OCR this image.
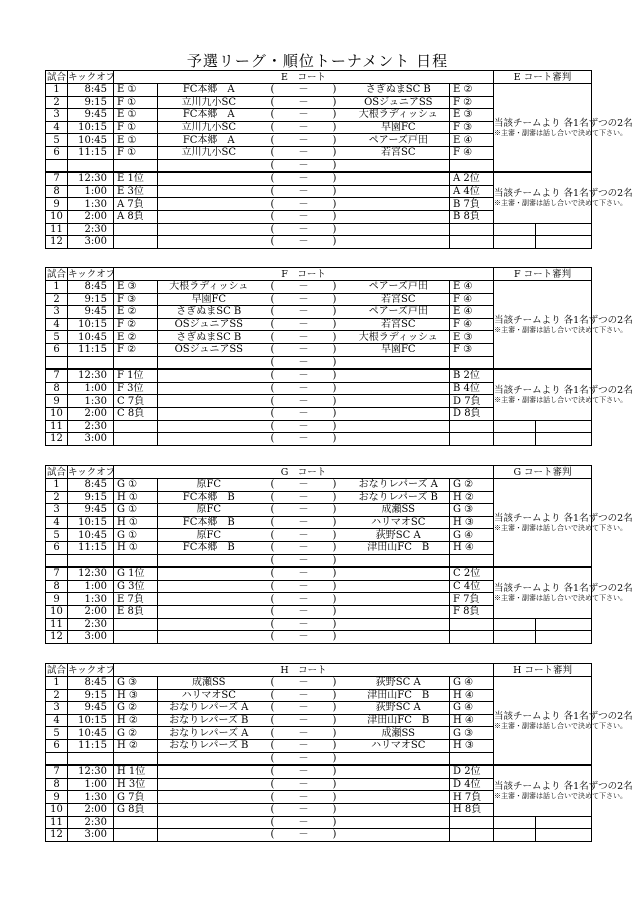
予選リーグ・順位トーナメント 日程
試合	キックオフ	E　コート							E コート審判	
1	8:45	E ①	FC本郷　A	(	－	)	さぎぬまSC B	E ②	当該チームより 各1名ずつの2名
※主審・副審は話し合いで決めて下さい。	

2	9:15	F ①	立川九小SC	(	－	)	OSジュニアSS	F ②		
3	9:45	E ①	FC本郷　A	(	－	)	大根ラディッシュ	E ③		
4	10:15	F ①	立川九小SC	(	－	)	早園FC	F ③		
5	10:45	E ①	FC本郷　A	(	－	)	ペアーズ戸田	E ④		
6	11:15	F ①	立川九小SC	(	－	)	若宮SC	F ④		
				(	－	)				
7	12:30	E 1位		(	－	)		A 2位	当該チームより 各1名ずつの2名
※主審・副審は話し合いで決めて下さい。	

8	1:00	E 3位		(	－	)		A 4位		
9	1:30	A 7負		(	－	)		B 7負		
10	2:00	A 8負		(	－	)		B 8負		
11	2:30			(	－	)				
12	3:00			(	－	)				
試合	キックオフ	F　コート							F コート審判	
1	8:45	E ③	大根ラディッシュ	(	－	)	ペアーズ戸田	E ④	当該チームより 各1名ずつの2名
※主審・副審は話し合いで決めて下さい。	

2	9:15	F ③	早園FC	(	－	)	若宮SC	F ④		
3	9:45	E ②	さぎぬまSC B	(	－	)	ペアーズ戸田	E ④		
4	10:15	F ②	OSジュニアSS	(	－	)	若宮SC	F ④		
5	10:45	E ②	さぎぬまSC B	(	－	)	大根ラディッシュ	E ③		
6	11:15	F ②	OSジュニアSS	(	－	)	早園FC	F ③		
				(	－	)				
7	12:30	F 1位		(	－	)		B 2位	当該チームより 各1名ずつの2名
※主審・副審は話し合いで決めて下さい。	

8	1:00	F 3位		(	－	)		B 4位		
9	1:30	C 7負		(	－	)		D 7負		
10	2:00	C 8負		(	－	)		D 8負		
11	2:30			(	－	)				
12	3:00			(	－	)				
試合	キックオフ	G　コート							G コート審判	
1	8:45	G ①	原FC	(	－	)	おなりレパーズ A	G ②	当該チームより 各1名ずつの2名
※主審・副審は話し合いで決めて下さい。	

2	9:15	H ①	FC本郷　B	(	－	)	おなりレパーズ B	H ②		
3	9:45	G ①	原FC	(	－	)	成瀬SS	G ③		
4	10:15	H ①	FC本郷　B	(	－	)	ハリマオSC	H ③		
5	10:45	G ①	原FC	(	－	)	荻野SC A	G ④		
6	11:15	H ①	FC本郷　B	(	－	)	津田山FC　B	H ④		
				(	－	)				
7	12:30	G 1位		(	－	)		C 2位	当該チームより 各1名ずつの2名
※主審・副審は話し合いで決めて下さい。	

8	1:00	G 3位		(	－	)		C 4位		
9	1:30	E 7負		(	－	)		F 7負		
10	2:00	E 8負		(	－	)		F 8負		
11	2:30			(	－	)				
12	3:00			(	－	)				
試合	キックオフ	H　コート							H コート審判	
1	8:45	G ③	成瀬SS	(	－	)	荻野SC A	G ④	当該チームより 各1名ずつの2名
※主審・副審は話し合いで決めて下さい。	

2	9:15	H ③	ハリマオSC	(	－	)	津田山FC　B	H ④		
3	9:45	G ②	おなりレパーズ A	(	－	)	荻野SC A	G ④		
4	10:15	H ②	おなりレパーズ B	(	－	)	津田山FC　B	H ④		
5	10:45	G ②	おなりレパーズ A	(	－	)	成瀬SS	G ③		
6	11:15	H ②	おなりレパーズ B	(	－	)	ハリマオSC	H ③		
				(	－	)				
7	12:30	H 1位		(	－	)		D 2位	当該チームより 各1名ずつの2名
※主審・副審は話し合いで決めて下さい。	

8	1:00	H 3位		(	－	)		D 4位		
9	1:30	G 7負		(	－	)		H 7負		
10	2:00	G 8負		(	－	)		H 8負		
11	2:30			(	－	)				
12	3:00			(	－	)				
